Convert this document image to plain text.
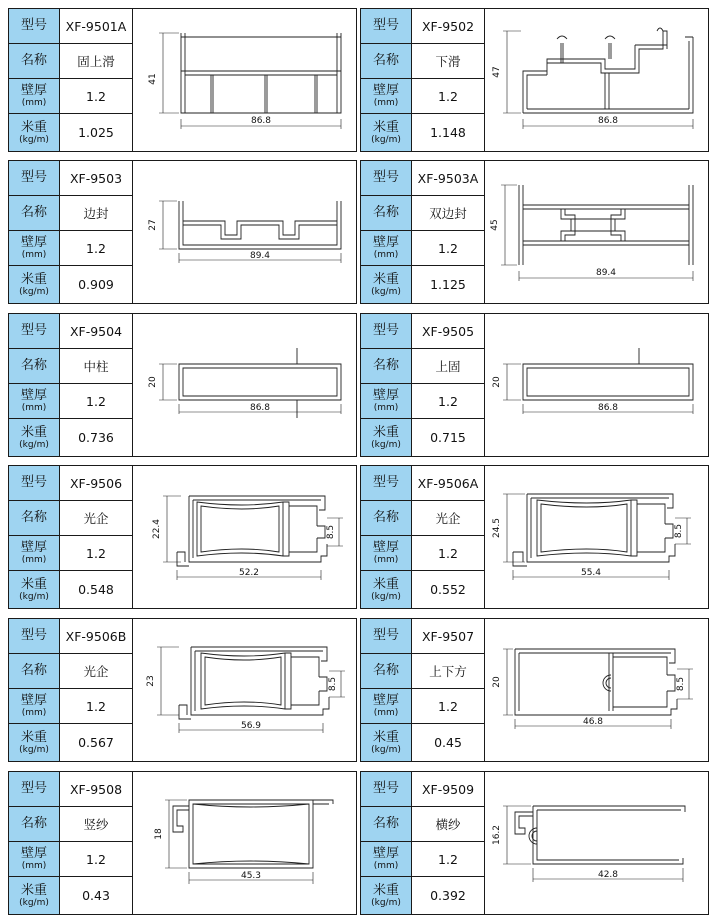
型号	XF-9501A
名称	固上滑
壁厚
(mm)	1.2
米重
(kg/m)	1.025
41
86.8
型号	XF-9502
名称	下滑
壁厚
(mm)	1.2
米重
(kg/m)	1.148
47
86.8
型号	XF-9503
名称	边封
壁厚
(mm)	1.2
米重
(kg/m)	0.909
27
89.4
型号	XF-9503A
名称	双边封
壁厚
(mm)	1.2
米重
(kg/m)	1.125
45
89.4
型号	XF-9504
名称	中柱
壁厚
(mm)	1.2
米重
(kg/m)	0.736
20
86.8
型号	XF-9505
名称	上固
壁厚
(mm)	1.2
米重
(kg/m)	0.715
20
86.8
型号	XF-9506
名称	光企
壁厚
(mm)	1.2
米重
(kg/m)	0.548
22.4
52.2
8.5
型号	XF-9506A
名称	光企
壁厚
(mm)	1.2
米重
(kg/m)	0.552
24.5
55.4
8.5
型号	XF-9506B
名称	光企
壁厚
(mm)	1.2
米重
(kg/m)	0.567
23
56.9
8.5
型号	XF-9507
名称	上下方
壁厚
(mm)	1.2
米重
(kg/m)	0.45
20
46.8
8.5
型号	XF-9508
名称	竖纱
壁厚
(mm)	1.2
米重
(kg/m)	0.43
18
45.3
型号	XF-9509
名称	横纱
壁厚
(mm)	1.2
米重
(kg/m)	0.392
16.2
42.8
